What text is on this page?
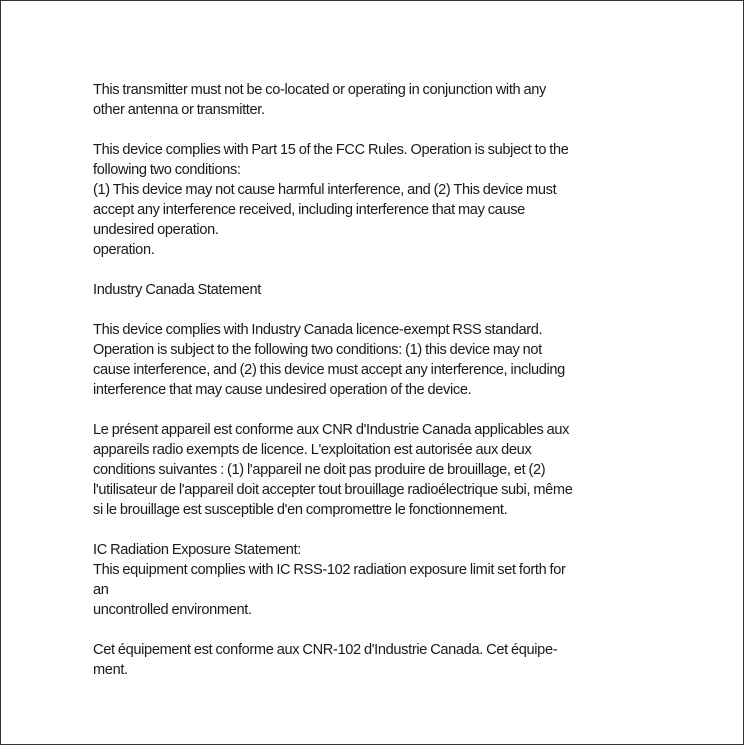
This transmitter must not be co-located or operating in conjunction with any
other antenna or transmitter.
This device complies with Part 15 of the FCC Rules. Operation is subject to the
following two conditions:
(1) This device may not cause harmful interference, and (2) This device must
accept any interference received, including interference that may cause
undesired operation.
operation.
Industry Canada Statement
This device complies with Industry Canada licence-exempt RSS standard.
Operation is subject to the following two conditions: (1) this device may not
cause interference, and (2) this device must accept any interference, including
interference that may cause undesired operation of the device.
Le présent appareil est conforme aux CNR d'Industrie Canada applicables aux
appareils radio exempts de licence. L'exploitation est autorisée aux deux
conditions suivantes : (1) l'appareil ne doit pas produire de brouillage, et (2)
l'utilisateur de l'appareil doit accepter tout brouillage radioélectrique subi, même
si le brouillage est susceptible d'en compromettre le fonctionnement.
IC Radiation Exposure Statement:
This equipment complies with IC RSS-102 radiation exposure limit set forth for
an
uncontrolled environment.
Cet équipement est conforme aux CNR-102 d'Industrie Canada. Cet équipe-
ment.
